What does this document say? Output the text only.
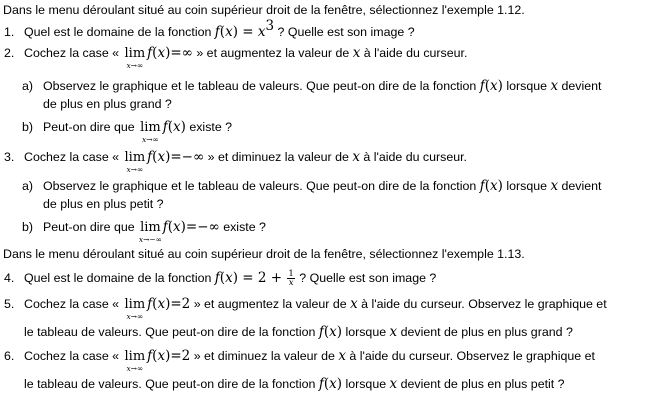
Dans le menu déroulant situé au coin supérieur droit de la fenêtre, sélectionnez l'exemple 1.12.
1. Quel est le domaine de la fonction $f(x) = x^3$ ? Quelle est son image ?
2. Cochez la case « lim
x→∞
f(x)=∞ » et augmentez la valeur de x à l'aide du curseur.
a) Observez le graphique et le tableau de valeurs. Que peut-on dire de la fonction f(x) lorsque x devient
de plus en plus grand ?
b) Peut-on dire que lim
x→∞
f(x) existe ?
3. Cochez la case « lim
x→∞
f(x)=−∞ » et diminuez la valeur de x à l'aide du curseur.
a) Observez le graphique et le tableau de valeurs. Que peut-on dire de la fonction f(x) lorsque x devient
de plus en plus petit ?
b) Peut-on dire que lim
x→−∞
f(x)=−∞ existe ?
Dans le menu déroulant situé au coin supérieur droit de la fenêtre, sélectionnez l'exemple 1.13.
4. Quel est le domaine de la fonction $f(x) = 2 + \frac{1}{x}$ ? Quelle est son image ?
5. Cochez la case « lim
x→∞
f(x)=2 » et augmentez la valeur de x à l'aide du curseur. Observez le graphique et
le tableau de valeurs. Que peut-on dire de la fonction f(x) lorsque x devient de plus en plus grand ?
6. Cochez la case « lim
x→∞
f(x)=2 » et diminuez la valeur de x à l'aide du curseur. Observez le graphique et
le tableau de valeurs. Que peut-on dire de la fonction f(x) lorsque x devient de plus en plus petit ?
